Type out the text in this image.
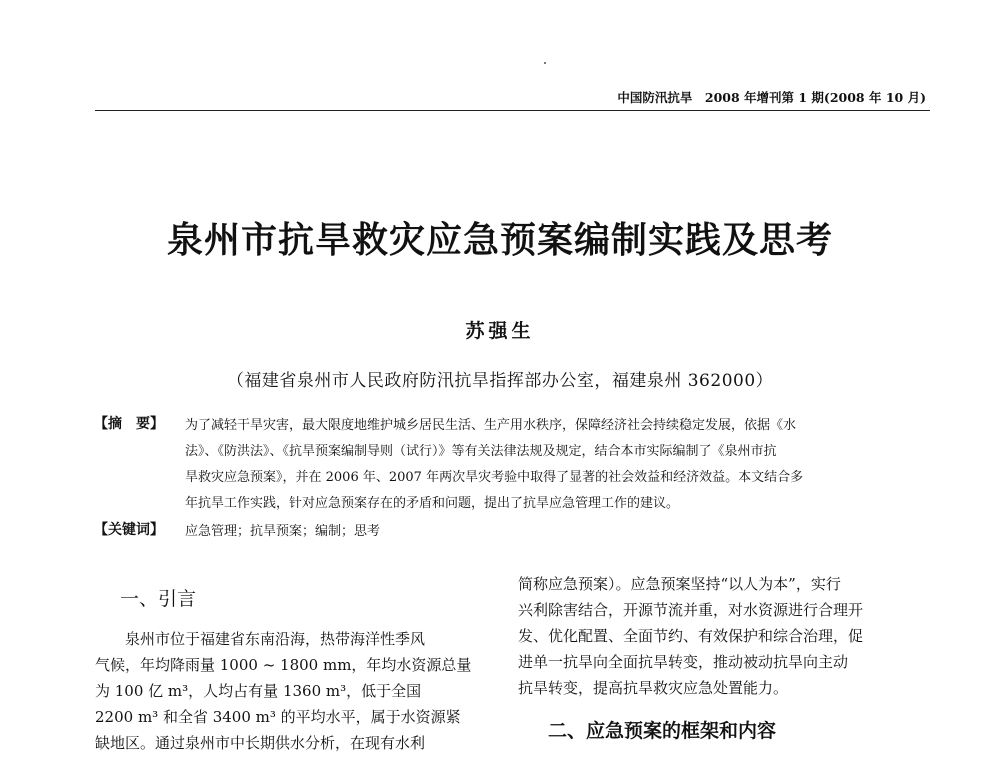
中国防汛抗旱　2008 年增刊第 1 期(2008 年 10 月)
泉州市抗旱救灾应急预案编制实践及思考
苏强生
（福建省泉州市人民政府防汛抗旱指挥部办公室，福建泉州 362000）
【摘　要】 为了减轻干旱灾害，最大限度地维护城乡居民生活、生产用水秩序，保障经济社会持续稳定发展，依据《水
法》、《防洪法》、《抗旱预案编制导则（试行）》等有关法律法规及规定，结合本市实际编制了《泉州市抗
旱救灾应急预案》，并在 2006 年、2007 年两次旱灾考验中取得了显著的社会效益和经济效益。本文结合多
年抗旱工作实践，针对应急预案存在的矛盾和问题，提出了抗旱应急管理工作的建议。
【关键词】 应急管理；抗旱预案；编制；思考
一、引言
　　泉州市位于福建省东南沿海，热带海洋性季风
气候，年均降雨量 1000 ~ 1800 mm，年均水资源总量
为 100 亿 m³，人均占有量 1360 m³，低于全国
2200 m³ 和全省 3400 m³ 的平均水平，属于水资源紧
缺地区。通过泉州市中长期供水分析，在现有水利
简称应急预案）。应急预案坚持“以人为本”，实行
兴利除害结合，开源节流并重，对水资源进行合理开
发、优化配置、全面节约、有效保护和综合治理，促
进单一抗旱向全面抗旱转变，推动被动抗旱向主动
抗旱转变，提高抗旱救灾应急处置能力。
二、应急预案的框架和内容
